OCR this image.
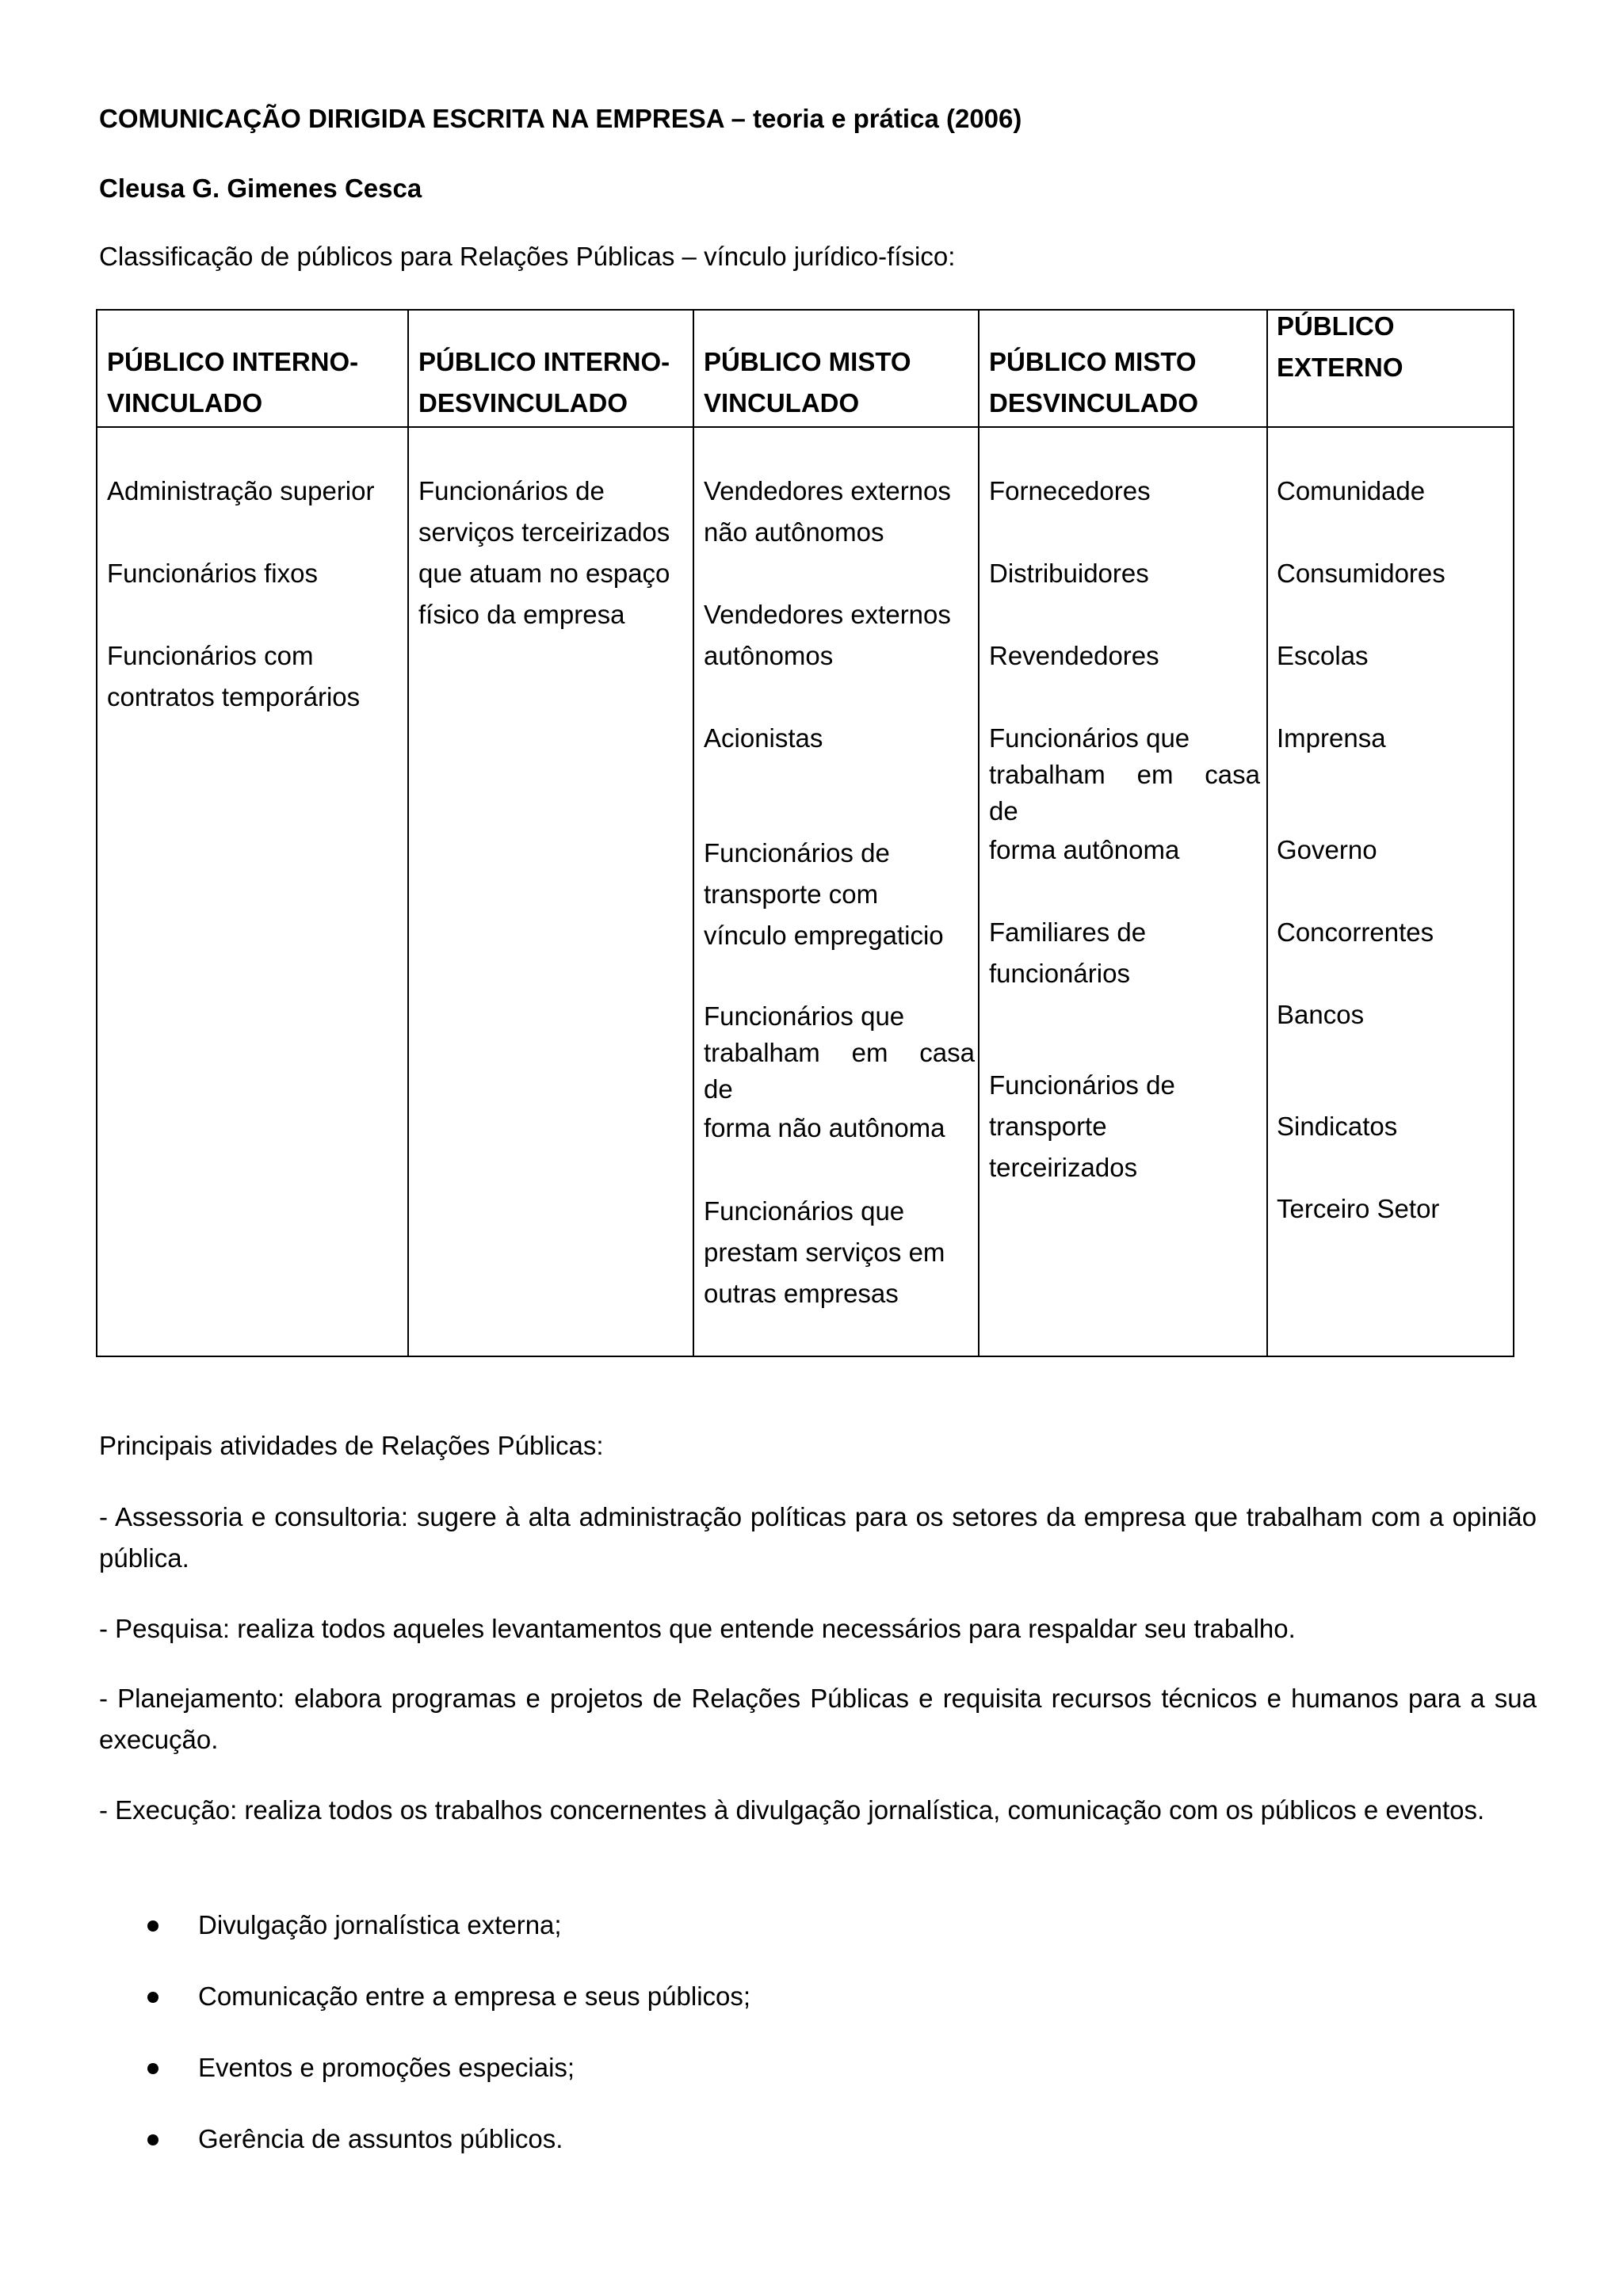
COMUNICAÇÃO DIRIGIDA ESCRITA NA EMPRESA – teoria e prática (2006)
Cleusa G. Gimenes Cesca
Classificação de públicos para Relações Públicas – vínculo jurídico-físico:
PÚBLICO INTERNO-
VINCULADO
PÚBLICO INTERNO-
DESVINCULADO
PÚBLICO MISTO
VINCULADO
PÚBLICO MISTO
DESVINCULADO
PÚBLICO
EXTERNO
Administração superior
Funcionários fixos
Funcionários com
contratos temporários
Funcionários de
serviços terceirizados
que atuam no espaço
físico da empresa
Vendedores externos
não autônomos
Vendedores externos
autônomos
Acionistas
Funcionários de
transporte com
vínculo empregaticio
Funcionários que
trabalham em casa
de
forma não autônoma
Funcionários que
prestam serviços em
outras empresas
Fornecedores
Distribuidores
Revendedores
Funcionários que
trabalham em casa
de
forma autônoma
Familiares de
funcionários
Funcionários de
transporte
terceirizados
Comunidade
Consumidores
Escolas
Imprensa
Governo
Concorrentes
Bancos
Sindicatos
Terceiro Setor
Principais atividades de Relações Públicas:
- Assessoria e consultoria: sugere à alta administração políticas para os setores da empresa que trabalham com a opinião pública.
- Pesquisa: realiza todos aqueles levantamentos que entende necessários para respaldar seu trabalho.
- Planejamento: elabora programas e projetos de Relações Públicas e requisita recursos técnicos e humanos para a sua execução.
- Execução: realiza todos os trabalhos concernentes à divulgação jornalística, comunicação com os públicos e eventos.
Divulgação jornalística externa;
Comunicação entre a empresa e seus públicos;
Eventos e promoções especiais;
Gerência de assuntos públicos.
